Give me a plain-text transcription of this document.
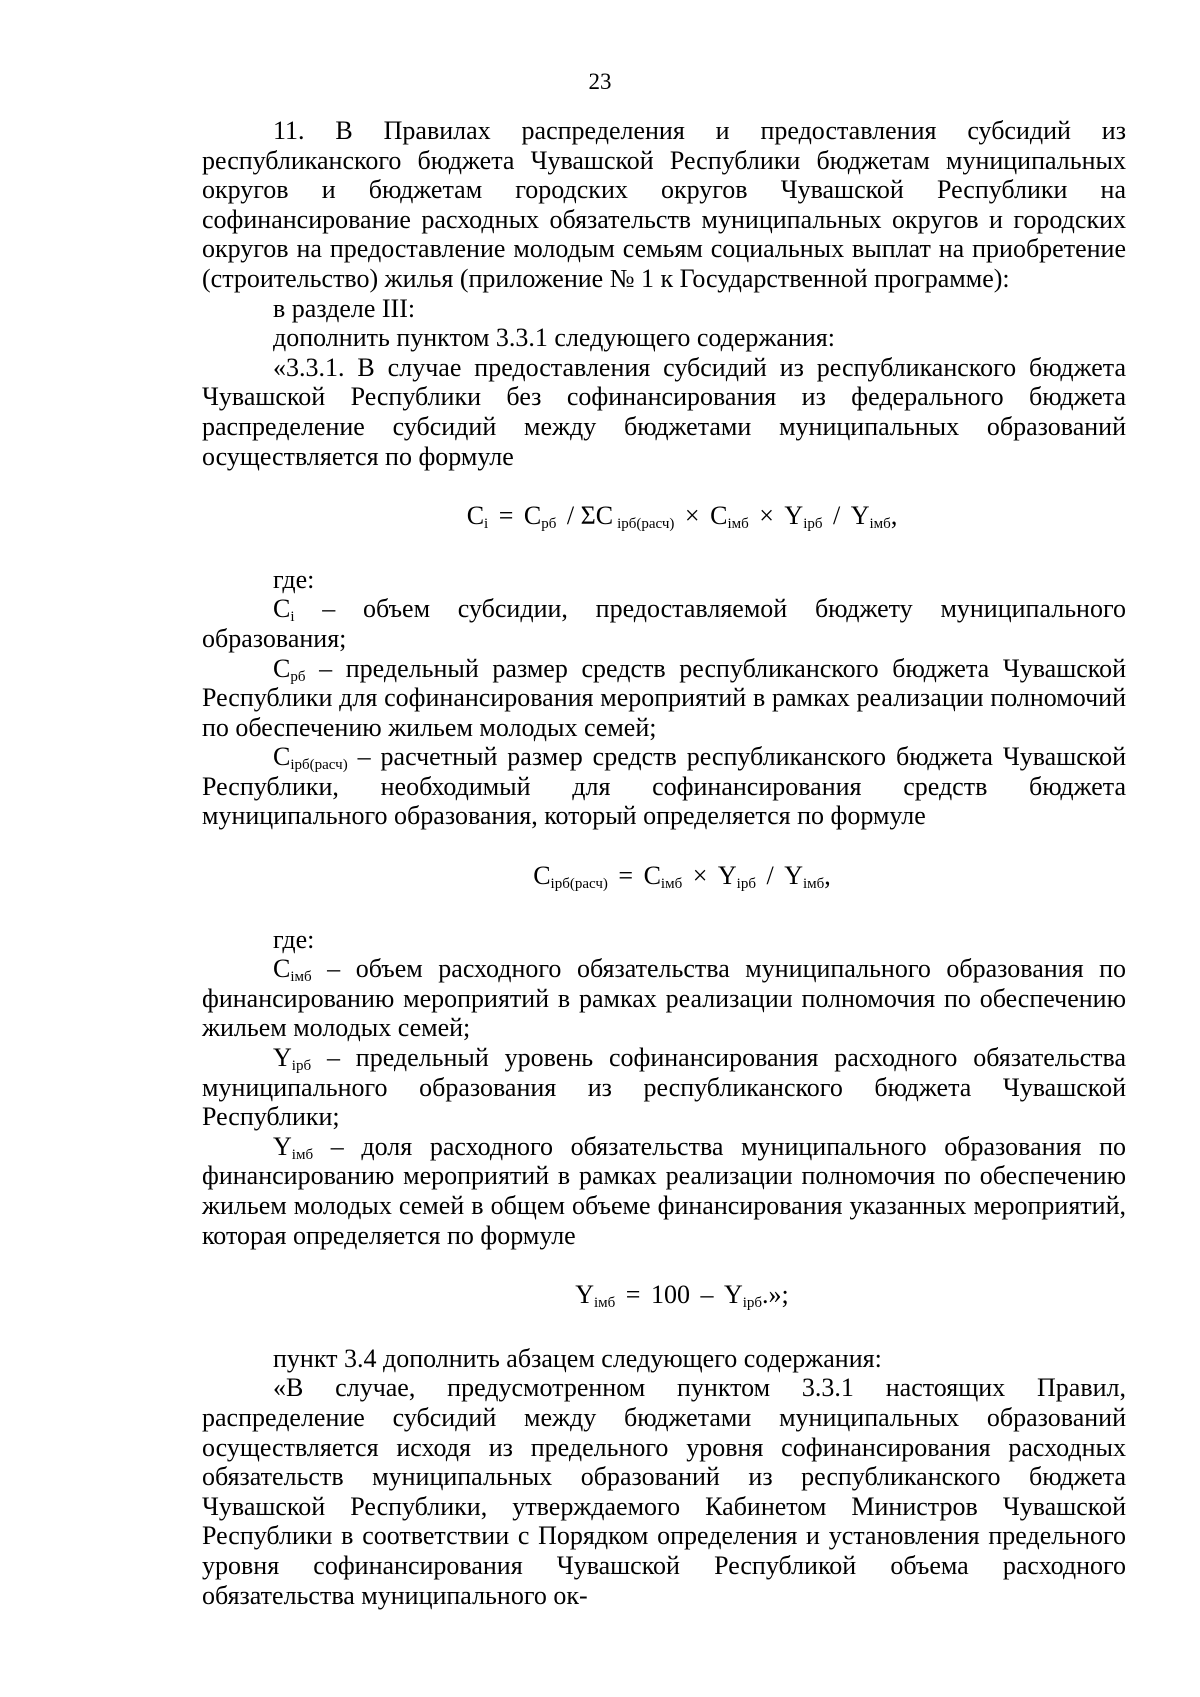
23

11. В Правилах распределения и предоставления субсидий из республиканского бюджета Чувашской Республики бюджетам муниципальных округов и бюджетам городских округов Чувашской Республики на софинансирование расходных обязательств муниципальных округов и городских округов на предоставление молодым семьям социальных выплат на приобретение (строительство) жилья (приложение № 1 к Государственной программе):

в разделе III:

дополнить пунктом 3.3.1 следующего содержания:

«3.3.1. В случае предоставления субсидий из республиканского бюджета Чувашской Республики без софинансирования из федерального бюджета распределение субсидий между бюджетами муниципальных образований осуществляется по формуле

$C_i = C_{рб} / \Sigma C$ $_{iрб(расч)} \times C_{iмб} \times Y_{iрб} / Y_{iмб}$,

где:

$C_i$ – объем субсидии, предоставляемой бюджету муниципального образования;

$C_{рб}$ – предельный размер средств республиканского бюджета Чувашской Республики для софинансирования мероприятий в рамках реализации полномочий по обеспечению жильем молодых семей;

$C_{iрб(расч)}$ – расчетный размер средств республиканского бюджета Чувашской Республики, необходимый для софинансирования средств бюджета муниципального образования, который определяется по формуле

$C_{iрб(расч)} = C_{iмб} \times Y_{iрб} / Y_{iмб}$,

где:

$C_{iмб}$ – объем расходного обязательства муниципального образования по финансированию мероприятий в рамках реализации полномочия по обеспечению жильем молодых семей;

$Y_{iрб}$ – предельный уровень софинансирования расходного обязательства муниципального образования из республиканского бюджета Чувашской Республики;

$Y_{iмб}$ – доля расходного обязательства муниципального образования по финансированию мероприятий в рамках реализации полномочия по обеспечению жильем молодых семей в общем объеме финансирования указанных мероприятий, которая определяется по формуле

$Y_{iмб} = 100 - Y_{iрб}$.»;

пункт 3.4 дополнить абзацем следующего содержания:

«В случае, предусмотренном пунктом 3.3.1 настоящих Правил, распределение субсидий между бюджетами муниципальных образований осуществляется исходя из предельного уровня софинансирования расходных обязательств муниципальных образований из республиканского бюджета Чувашской Республики, утверждаемого Кабинетом Министров Чувашской Республики в соответствии с Порядком определения и установления предельного уровня софинансирования Чувашской Республикой объема расходного обязательства муниципального ок-
